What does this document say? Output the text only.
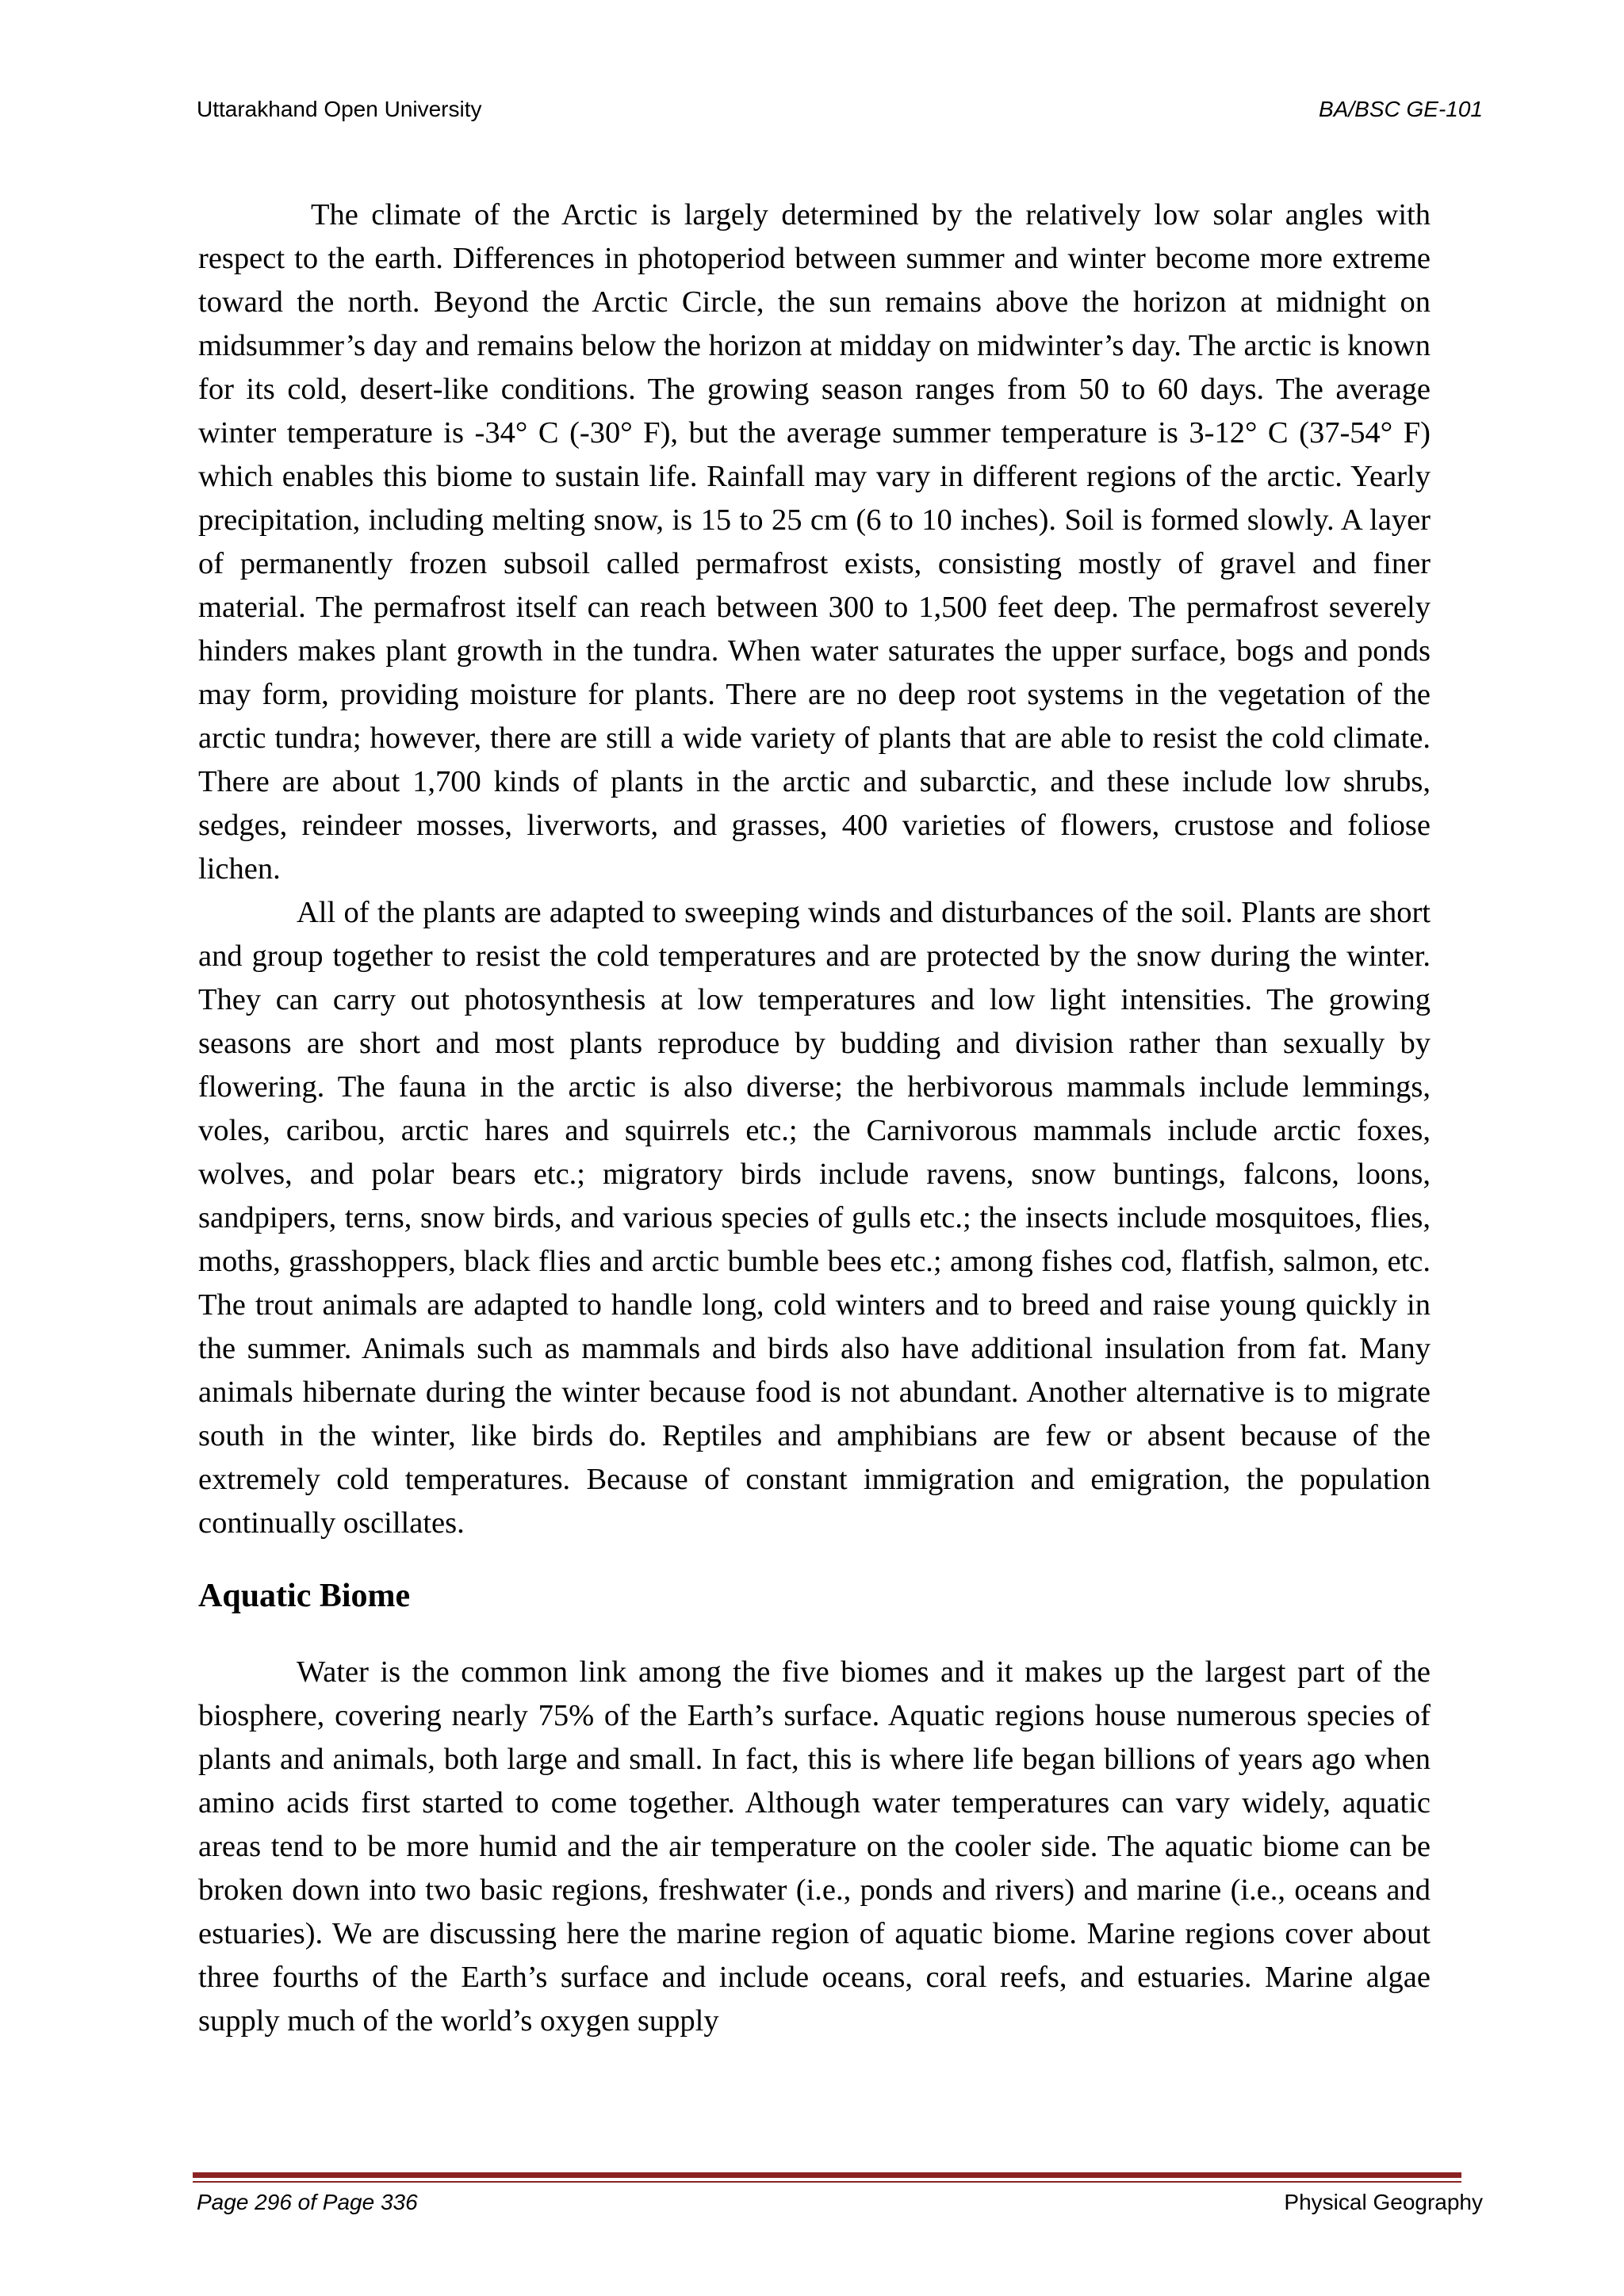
Uttarakhand Open University	BA/BSC GE-101

The climate of the Arctic is largely determined by the relatively low solar angles with respect to the earth. Differences in photoperiod between summer and winter become more extreme toward the north. Beyond the Arctic Circle, the sun remains above the horizon at midnight on midsummer’s day and remains below the horizon at midday on midwinter’s day. The arctic is known for its cold, desert-like conditions. The growing season ranges from 50 to 60 days. The average winter temperature is -34° C (-30° F), but the average summer temperature is 3-12° C (37-54° F) which enables this biome to sustain life. Rainfall may vary in different regions of the arctic. Yearly precipitation, including melting snow, is 15 to 25 cm (6 to 10 inches). Soil is formed slowly. A layer of permanently frozen subsoil called permafrost exists, consisting mostly of gravel and finer material. The permafrost itself can reach between 300 to 1,500 feet deep. The permafrost severely hinders makes plant growth in the tundra. When water saturates the upper surface, bogs and ponds may form, providing moisture for plants. There are no deep root systems in the vegetation of the arctic tundra; however, there are still a wide variety of plants that are able to resist the cold climate. There are about 1,700 kinds of plants in the arctic and subarctic, and these include low shrubs, sedges, reindeer mosses, liverworts, and grasses, 400 varieties of flowers, crustose and foliose lichen.

All of the plants are adapted to sweeping winds and disturbances of the soil. Plants are short and group together to resist the cold temperatures and are protected by the snow during the winter. They can carry out photosynthesis at low temperatures and low light intensities. The growing seasons are short and most plants reproduce by budding and division rather than sexually by flowering. The fauna in the arctic is also diverse; the herbivorous mammals include lemmings, voles, caribou, arctic hares and squirrels etc.; the Carnivorous mammals include arctic foxes, wolves, and polar bears etc.; migratory birds include ravens, snow buntings, falcons, loons, sandpipers, terns, snow birds, and various species of gulls etc.; the insects include mosquitoes, flies, moths, grasshoppers, black flies and arctic bumble bees etc.; among fishes cod, flatfish, salmon, etc. The trout animals are adapted to handle long, cold winters and to breed and raise young quickly in the summer. Animals such as mammals and birds also have additional insulation from fat. Many animals hibernate during the winter because food is not abundant. Another alternative is to migrate south in the winter, like birds do. Reptiles and amphibians are few or absent because of the extremely cold temperatures. Because of constant immigration and emigration, the population continually oscillates.

Aquatic Biome

Water is the common link among the five biomes and it makes up the largest part of the biosphere, covering nearly 75% of the Earth’s surface. Aquatic regions house numerous species of plants and animals, both large and small. In fact, this is where life began billions of years ago when amino acids first started to come together. Although water temperatures can vary widely, aquatic areas tend to be more humid and the air temperature on the cooler side. The aquatic biome can be broken down into two basic regions, freshwater (i.e., ponds and rivers) and marine (i.e., oceans and estuaries). We are discussing here the marine region of aquatic biome. Marine regions cover about three fourths of the Earth’s surface and include oceans, coral reefs, and estuaries. Marine algae supply much of the world’s oxygen supply

Page 296 of Page 336	Physical Geography
